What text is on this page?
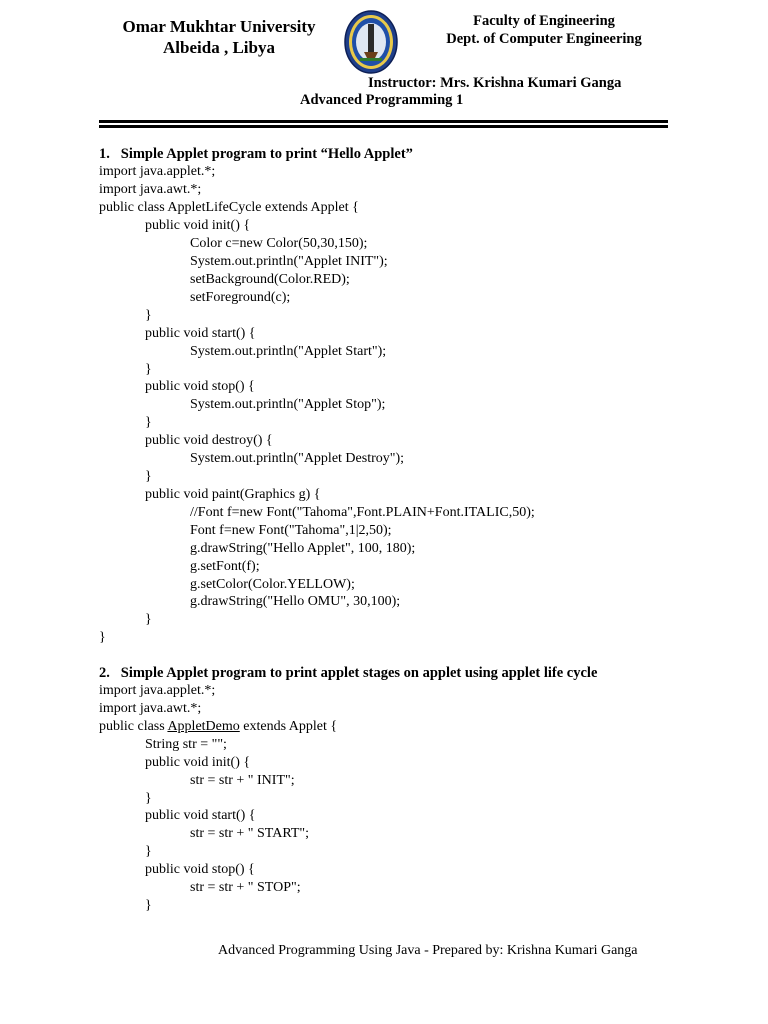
Omar Mukhtar University
Albeida , Libya
Faculty of Engineering
Dept. of Computer Engineering
Instructor: Mrs. Krishna Kumari Ganga
Advanced Programming 1
1.   Simple Applet program to print “Hello Applet”
import java.applet.*;
import java.awt.*;
public class AppletLifeCycle extends Applet {
public void init() {
Color c=new Color(50,30,150);
System.out.println("Applet INIT");
setBackground(Color.RED);
setForeground(c);
}
public void start() {
System.out.println("Applet Start");
}
public void stop() {
System.out.println("Applet Stop");
}
public void destroy() {
System.out.println("Applet Destroy");
}
public void paint(Graphics g) {
//Font f=new Font("Tahoma",Font.PLAIN+Font.ITALIC,50);
Font f=new Font("Tahoma",1|2,50);
g.drawString("Hello Applet", 100, 180);
g.setFont(f);
g.setColor(Color.YELLOW);
g.drawString("Hello OMU", 30,100);
}
}
2.   Simple Applet program to print applet stages on applet using applet life cycle
import java.applet.*;
import java.awt.*;
public class AppletDemo extends Applet {
String str = "";
public void init() {
str = str + " INIT";
}
public void start() {
str = str + " START";
}
public void stop() {
str = str + " STOP";
}
Advanced Programming Using Java - Prepared by: Krishna Kumari Ganga
